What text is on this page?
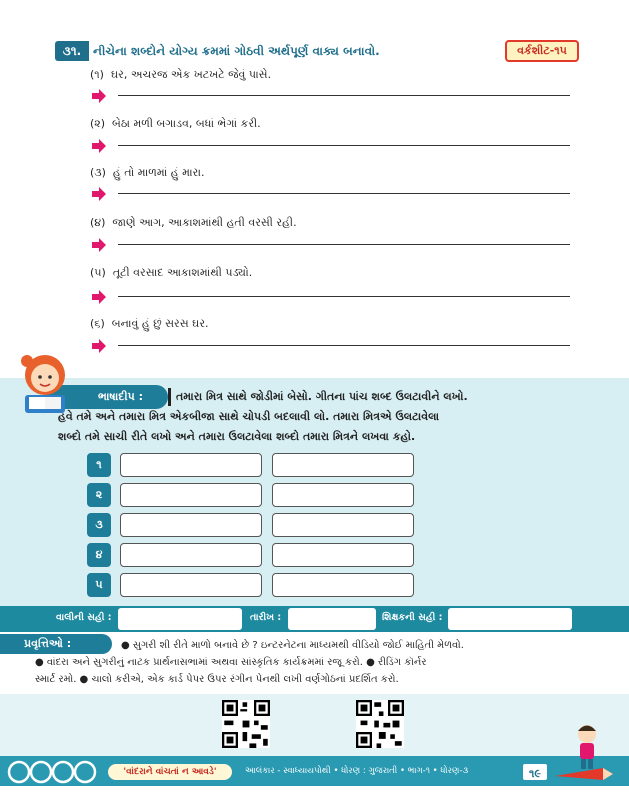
૩૧. નીચેના શબ્દોને યોગ્ય ક્રમમાં ગોઠવી અર્થપૂર્ણ વાક્ય બનાવો.	વર્કશીટ-૧૫
(૧) ઘર, અચરજ એક ખટખટે જેવું પાસે.
(૨) બેઠા મળી બગાડવ, બધાં ભેગાં કરી.
(૩) હું તો માળમાં હું મારા.
(૪) જાણે આગ, આકાશમાંથી હતી વરસી રહી.
(૫) તૂટી વરસાદ આકાશમાંથી પડ્યો.
(૬) બનાવું હું છું સરસ ઘર.
ભાષાદીપ :	તમારા મિત્ર સાથે જોડીમાં બેસો. ગીતના પાંચ શબ્દ ઉલટાવીને લખો.
હવે તમે અને તમારા મિત્ર એકબીજા સાથે ચોપડી બદલાવી લો. તમારા મિત્રએ ઉલટાવેલા
શબ્દો તમે સાચી રીતે લખો અને તમારા ઉલટાવેલા શબ્દો તમારા મિત્રને લખવા કહો.
૧
૨
૩
૪
૫
વાલીની સહી :	તારીખ :	શિક્ષકની સહી :
પ્રવૃત્તિઓ :	● સુગરી શી રીતે માળો બનાવે છે ? ઇન્ટરનેટના માધ્યમથી વીડિયો જોઈ માહિતી મેળવો.
● વાંદરા અને સુગરીનું નાટક પ્રાર્થનાસભામાં અથવા સાંસ્કૃતિક કાર્યક્રમમાં રજૂ કરો. ● રીડિંગ કૉર્નર
સ્માર્ટ રમો. ● ચાલો કરીએ, એક કાર્ડ પેપર ઉપર રંગીન પેનથી લખી વર્ણગોઠનાં પ્રદર્શિત કરો.
'વાંદરાને વાંચતાં ન આવડે'	આલંકાર - સ્વાધ્યાયપોથી • ધોરણ : ગુજરાતી • ભાગ-૧ • ધોરણ-૩	૧૯
